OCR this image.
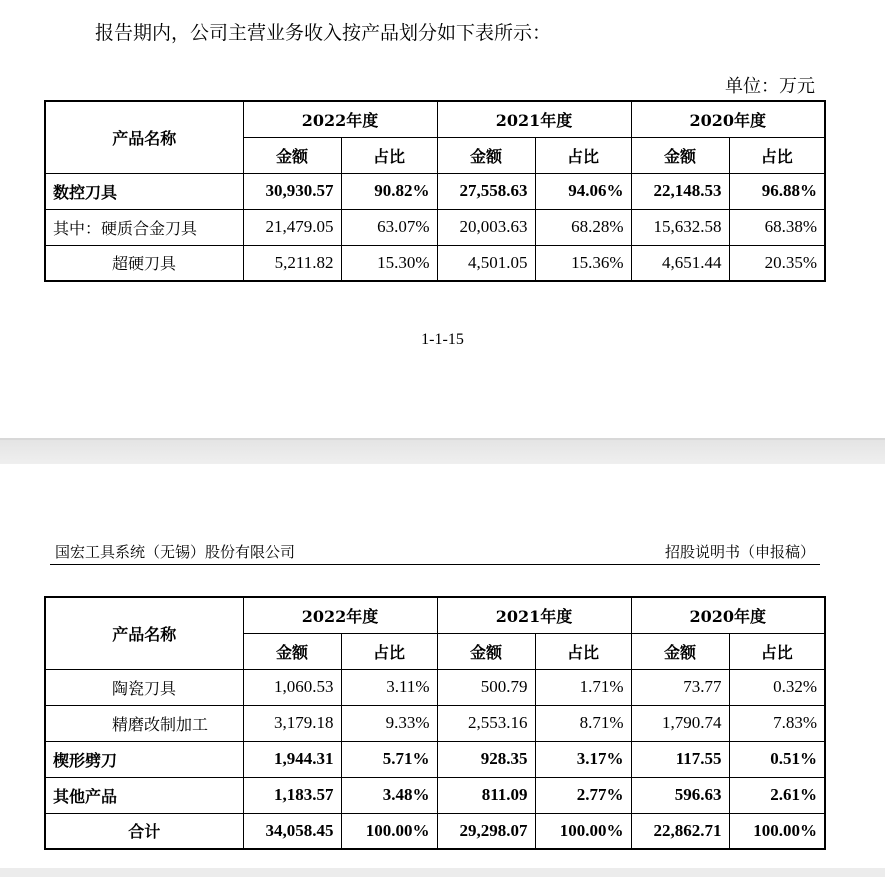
报告期内，公司主营业务收入按产品划分如下表所示：
单位：万元
产品名称	2022年度		2021年度		2020年度	
	金额	占比	金额	占比	金额	占比
数控刀具	30,930.57	90.82%	27,558.63	94.06%	22,148.53	96.88%
其中：硬质合金刀具	21,479.05	63.07%	20,003.63	68.28%	15,632.58	68.38%
超硬刀具	5,211.82	15.30%	4,501.05	15.36%	4,651.44	20.35%
1-1-15
国宏工具系统（无锡）股份有限公司	招股说明书（申报稿）
产品名称	2022年度		2021年度		2020年度	
	金额	占比	金额	占比	金额	占比
陶瓷刀具	1,060.53	3.11%	500.79	1.71%	73.77	0.32%
精磨改制加工	3,179.18	9.33%	2,553.16	8.71%	1,790.74	7.83%
楔形劈刀	1,944.31	5.71%	928.35	3.17%	117.55	0.51%
其他产品	1,183.57	3.48%	811.09	2.77%	596.63	2.61%
合计	34,058.45	100.00%	29,298.07	100.00%	22,862.71	100.00%
